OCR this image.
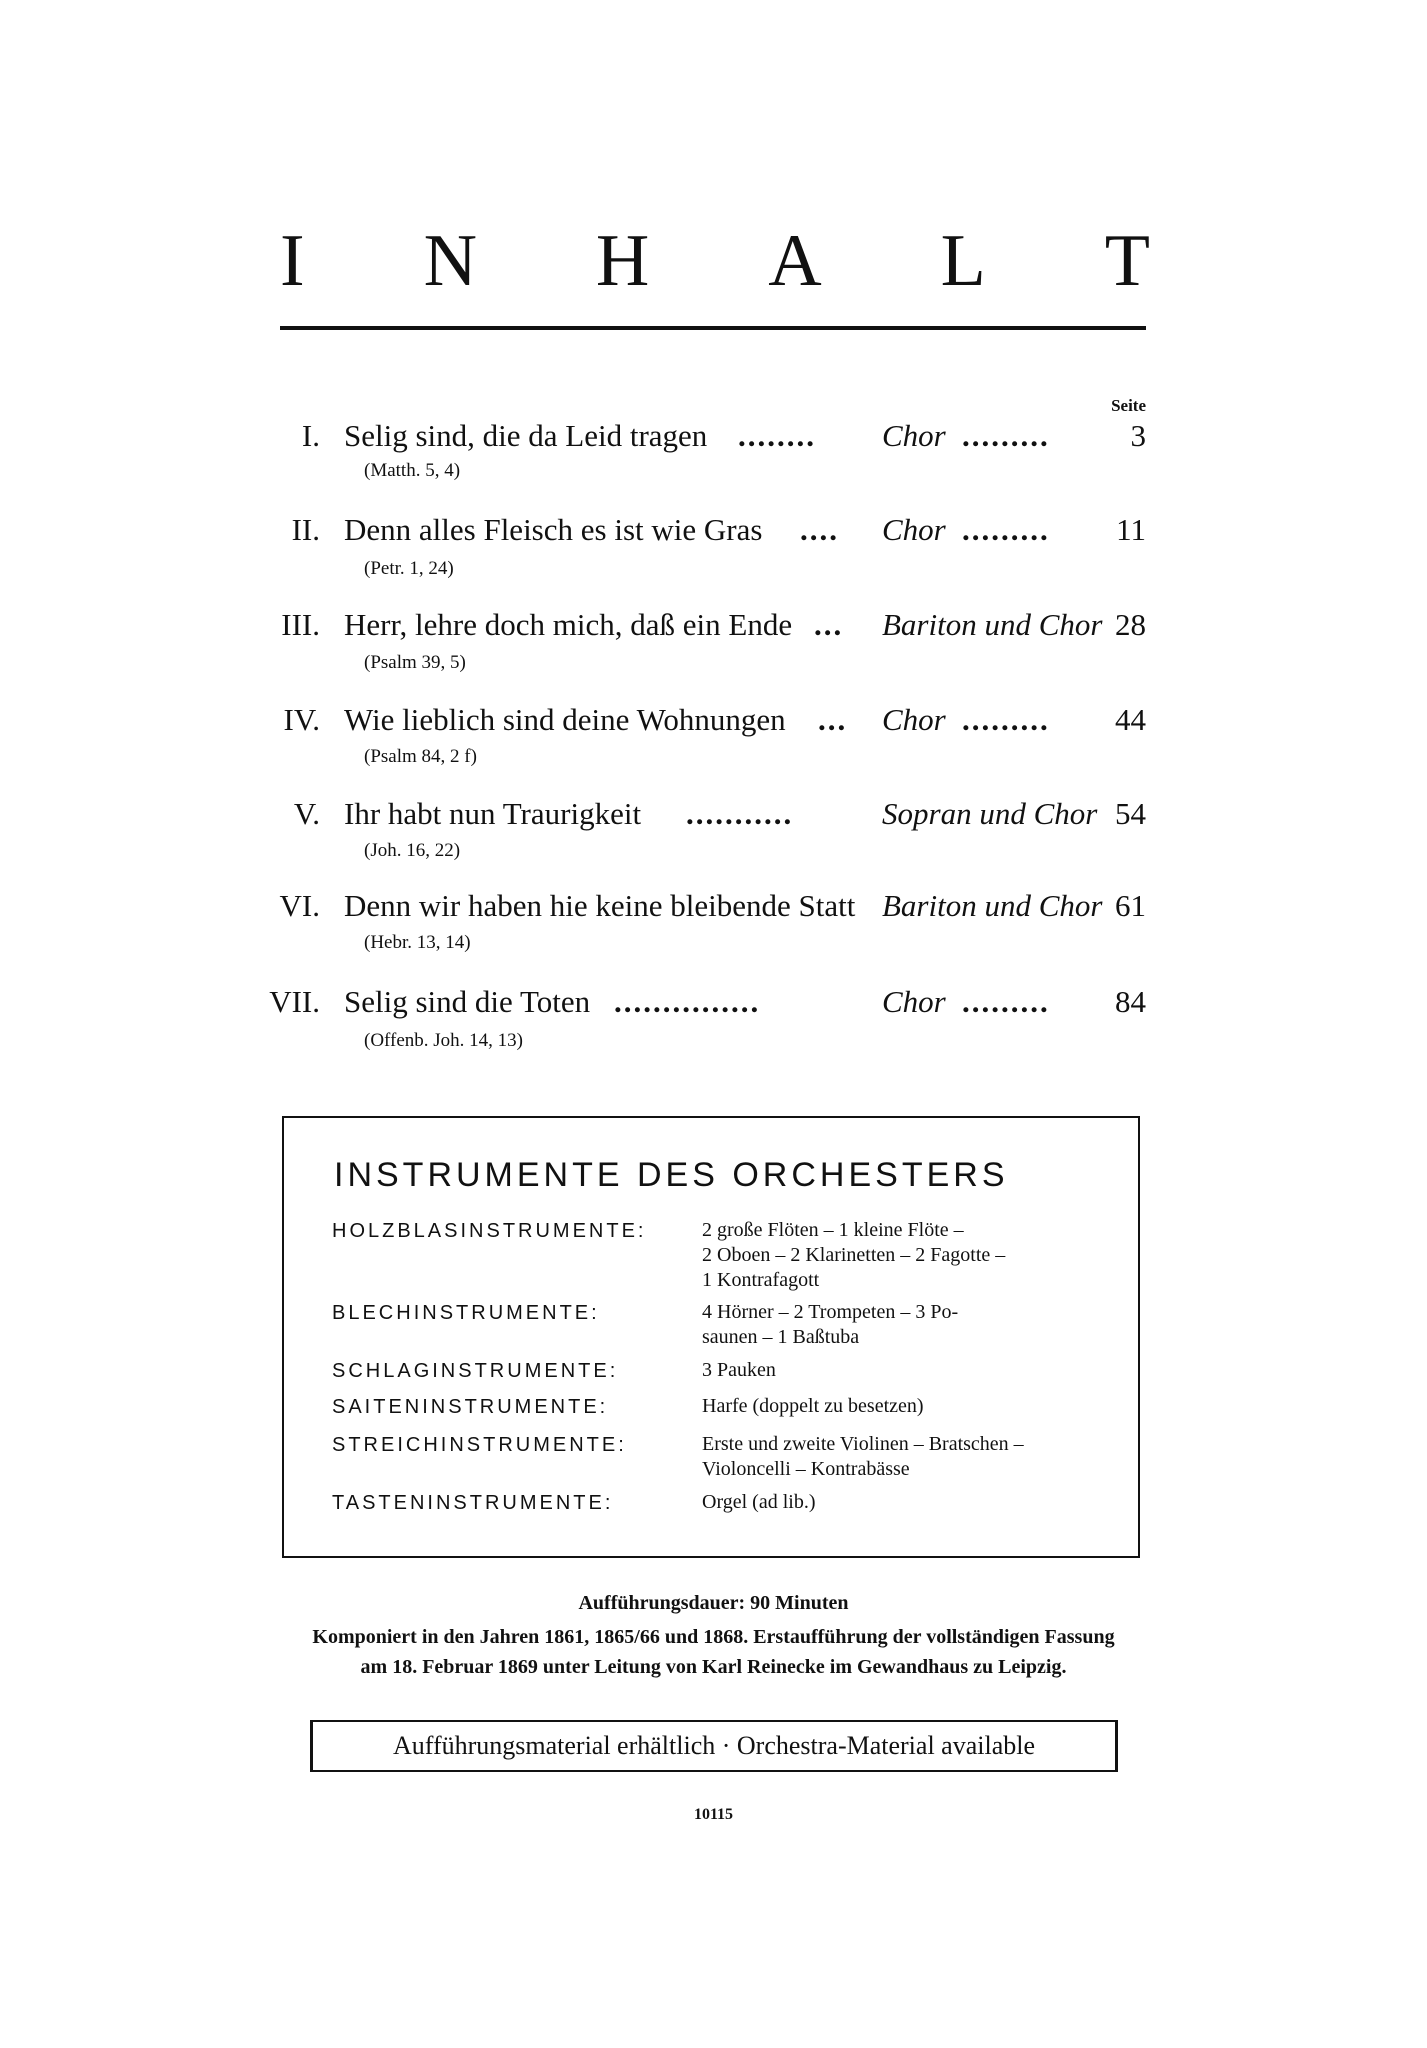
I N H A L T
Seite
I. Selig sind, die da Leid tragen ........ Chor .........	3
(Matth. 5, 4)
II. Denn alles Fleisch es ist wie Gras .... Chor ......... 11
(Petr. 1, 24)
III. Herr, lehre doch mich, daß ein Ende ... Bariton und Chor 28
(Psalm 39, 5)
IV. Wie lieblich sind deine Wohnungen ... Chor ......... 44
(Psalm 84, 2 f)
V. Ihr habt nun Traurigkeit ...........	Sopran und Chor 54
(Joh. 16, 22)
VI. Denn wir haben hie keine bleibende Statt Bariton und Chor 61
(Hebr. 13, 14)
VII. Selig sind die Toten ...............	Chor ......... 84
(Offenb. Joh. 14, 13)
INSTRUMENTE DES ORCHESTERS
HOLZBLASINSTRUMENTE:	2 große Flöten – 1 kleine Flöte –
2 Oboen – 2 Klarinetten – 2 Fagotte –
1 Kontrafagott
BLECHINSTRUMENTE:	4 Hörner – 2 Trompeten – 3 Po-
saunen – 1 Baßtuba
SCHLAGINSTRUMENTE:	3 Pauken
SAITENINSTRUMENTE:	Harfe (doppelt zu besetzen)
STREICHINSTRUMENTE:	Erste und zweite Violinen – Bratschen –
Violoncelli – Kontrabässe
TASTENINSTRUMENTE:	Orgel (ad lib.)
Aufführungsdauer: 90 Minuten
Komponiert in den Jahren 1861, 1865/66 und 1868. Erstaufführung der vollständigen Fassung
am 18. Februar 1869 unter Leitung von Karl Reinecke im Gewandhaus zu Leipzig.
Aufführungsmaterial erhältlich · Orchestra-Material available
10115
